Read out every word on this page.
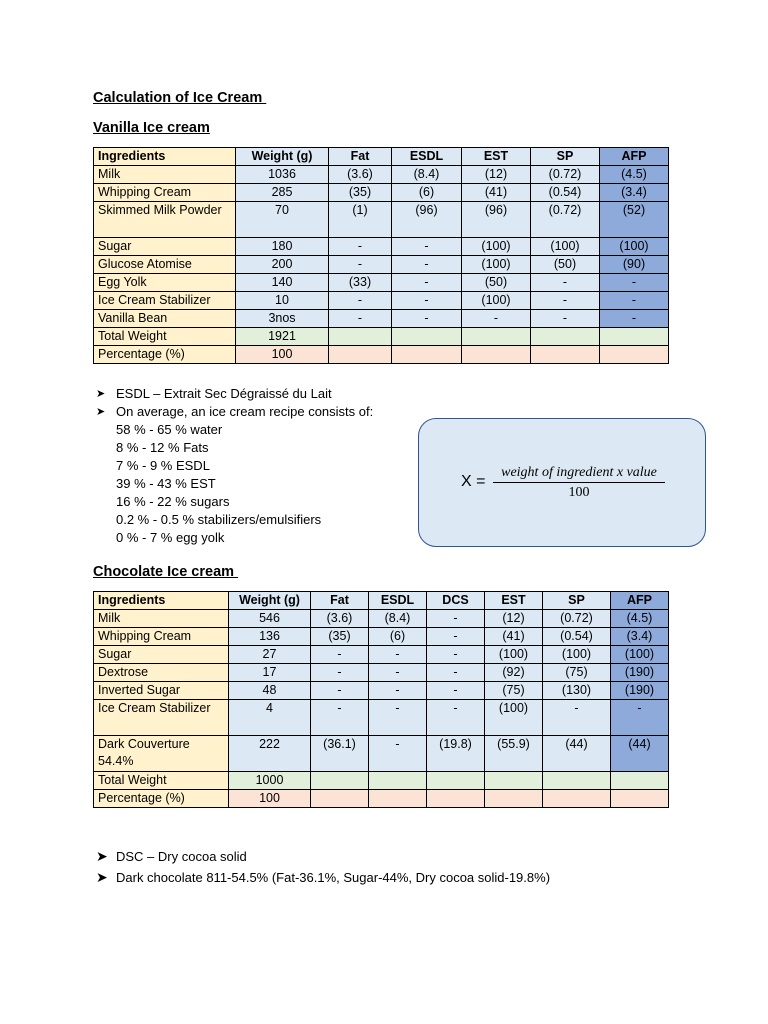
Calculation of Ice Cream
Vanilla Ice cream
Ingredients	Weight (g)	Fat	ESDL	EST	SP	AFP
Milk	1036	(3.6)	(8.4)	(12)	(0.72)	(4.5)
Whipping Cream	285	(35)	(6)	(41)	(0.54)	(3.4)
Skimmed Milk Powder	70	(1)	(96)	(96)	(0.72)	(52)
Sugar	180	-	-	(100)	(100)	(100)
Glucose Atomise	200	-	-	(100)	(50)	(90)
Egg Yolk	140	(33)	-	(50)	-	-
Ice Cream Stabilizer	10	-	-	(100)	-	-
Vanilla Bean	3nos	-	-	-	-	-
Total Weight	1921					
Percentage (%)	100					
➤ ESDL – Extrait Sec Dégraissé du Lait
➤ On average, an ice cream recipe consists of:
58 % - 65 % water
8 % - 12 % Fats
7 % - 9 % ESDL
39 % - 43 % EST
16 % - 22 % sugars
0.2 % - 0.5 % stabilizers/emulsifiers
0 % - 7 % egg yolk
X =
weight of ingredient x value
100
Chocolate Ice cream
Ingredients	Weight (g)	Fat	ESDL	DCS	EST	SP	AFP
Milk	546	(3.6)	(8.4)	-	(12)	(0.72)	(4.5)
Whipping Cream	136	(35)	(6)	-	(41)	(0.54)	(3.4)
Sugar	27	-	-	-	(100)	(100)	(100)
Dextrose	17	-	-	-	(92)	(75)	(190)
Inverted Sugar	48	-	-	-	(75)	(130)	(190)
Ice Cream Stabilizer	4	-	-	-	(100)	-	-
Dark Couverture 54.4%	222	(36.1)	-	(19.8)	(55.9)	(44)	(44)
Total Weight	1000						
Percentage (%)	100						
➤ DSC – Dry cocoa solid
➤ Dark chocolate 811-54.5% (Fat-36.1%, Sugar-44%, Dry cocoa solid-19.8%)
